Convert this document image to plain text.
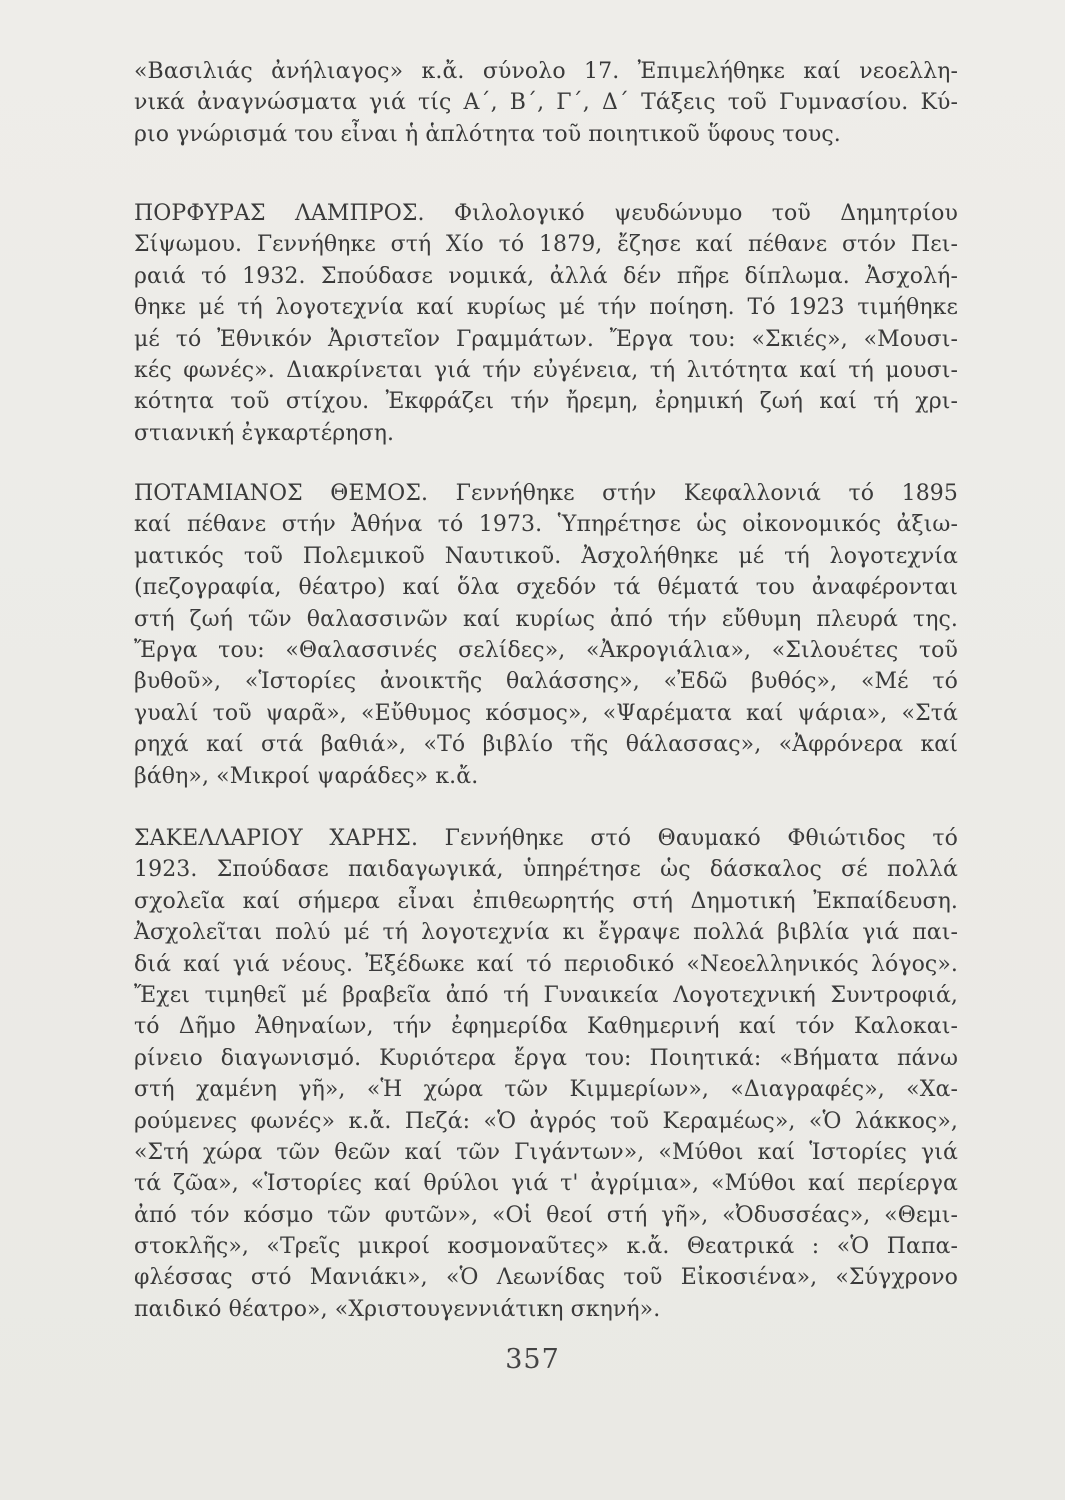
«Βασιλιάς ἀνήλιαγος» κ.ἄ. σύνολο 17. Ἐπιμελήθηκε καί νεοελλη-
νικά ἀναγνώσματα γιά τίς Α΄, Β΄, Γ΄, Δ΄ Τάξεις τοῦ Γυμνασίου. Κύ-
ριο γνώρισμά του εἶναι ἡ ἁπλότητα τοῦ ποιητικοῦ ὕφους τους.
ΠΟΡΦΥΡΑΣ ΛΑΜΠΡΟΣ. Φιλολογικό ψευδώνυμο τοῦ Δημητρίου
Σίψωμου. Γεννήθηκε στή Χίο τό 1879, ἔζησε καί πέθανε στόν Πει-
ραιά τό 1932. Σπούδασε νομικά, ἀλλά δέν πῆρε δίπλωμα. Ἀσχολή-
θηκε μέ τή λογοτεχνία καί κυρίως μέ τήν ποίηση. Τό 1923 τιμήθηκε
μέ τό Ἐθνικόν Ἀριστεῖον Γραμμάτων. Ἔργα του: «Σκιές», «Μουσι-
κές φωνές». Διακρίνεται γιά τήν εὐγένεια, τή λιτότητα καί τή μουσι-
κότητα τοῦ στίχου. Ἐκφράζει τήν ἤρεμη, ἐρημική ζωή καί τή χρι-
στιανική ἐγκαρτέρηση.
ΠΟΤΑΜΙΑΝΟΣ ΘΕΜΟΣ. Γεννήθηκε στήν Κεφαλλονιά τό 1895
καί πέθανε στήν Ἀθήνα τό 1973. Ὑπηρέτησε ὡς οἰκονομικός ἀξιω-
ματικός τοῦ Πολεμικοῦ Ναυτικοῦ. Ἀσχολήθηκε μέ τή λογοτεχνία
(πεζογραφία, θέατρο) καί ὅλα σχεδόν τά θέματά του ἀναφέρονται
στή ζωή τῶν θαλασσινῶν καί κυρίως ἀπό τήν εὔθυμη πλευρά της.
Ἔργα του: «Θαλασσινές σελίδες», «Ἀκρογιάλια», «Σιλουέτες τοῦ
βυθοῦ», «Ἱστορίες ἀνοικτῆς θαλάσσης», «Ἐδῶ βυθός», «Μέ τό
γυαλί τοῦ ψαρᾶ», «Εὔθυμος κόσμος», «Ψαρέματα καί ψάρια», «Στά
ρηχά καί στά βαθιά», «Τό βιβλίο τῆς θάλασσας», «Ἀφρόνερα καί
βάθη», «Μικροί ψαράδες» κ.ἄ.
ΣΑΚΕΛΛΑΡΙΟΥ ΧΑΡΗΣ. Γεννήθηκε στό Θαυμακό Φθιώτιδος τό
1923. Σπούδασε παιδαγωγικά, ὑπηρέτησε ὡς δάσκαλος σέ πολλά
σχολεῖα καί σήμερα εἶναι ἐπιθεωρητής στή Δημοτική Ἐκπαίδευση.
Ἀσχολεῖται πολύ μέ τή λογοτεχνία κι ἔγραψε πολλά βιβλία γιά παι-
διά καί γιά νέους. Ἐξέδωκε καί τό περιοδικό «Νεοελληνικός λόγος».
Ἔχει τιμηθεῖ μέ βραβεῖα ἀπό τή Γυναικεία Λογοτεχνική Συντροφιά,
τό Δῆμο Ἀθηναίων, τήν ἐφημερίδα Καθημερινή καί τόν Καλοκαι-
ρίνειο διαγωνισμό. Κυριότερα ἔργα του: Ποιητικά: «Βήματα πάνω
στή χαμένη γῆ», «Ἡ χώρα τῶν Κιμμερίων», «Διαγραφές», «Χα-
ρούμενες φωνές» κ.ἄ. Πεζά: «Ὁ ἀγρός τοῦ Κεραμέως», «Ὁ λάκκος»,
«Στή χώρα τῶν θεῶν καί τῶν Γιγάντων», «Μύθοι καί Ἱστορίες γιά
τά ζῶα», «Ἱστορίες καί θρύλοι γιά τ' ἀγρίμια», «Μύθοι καί περίεργα
ἀπό τόν κόσμο τῶν φυτῶν», «Οἱ θεοί στή γῆ», «Ὀδυσσέας», «Θεμι-
στοκλῆς», «Τρεῖς μικροί κοσμοναῦτες» κ.ἄ. Θεατρικά : «Ὁ Παπα-
φλέσσας στό Μανιάκι», «Ὁ Λεωνίδας τοῦ Εἰκοσιένα», «Σύγχρονο
παιδικό θέατρο», «Χριστουγεννιάτικη σκηνή».
357
